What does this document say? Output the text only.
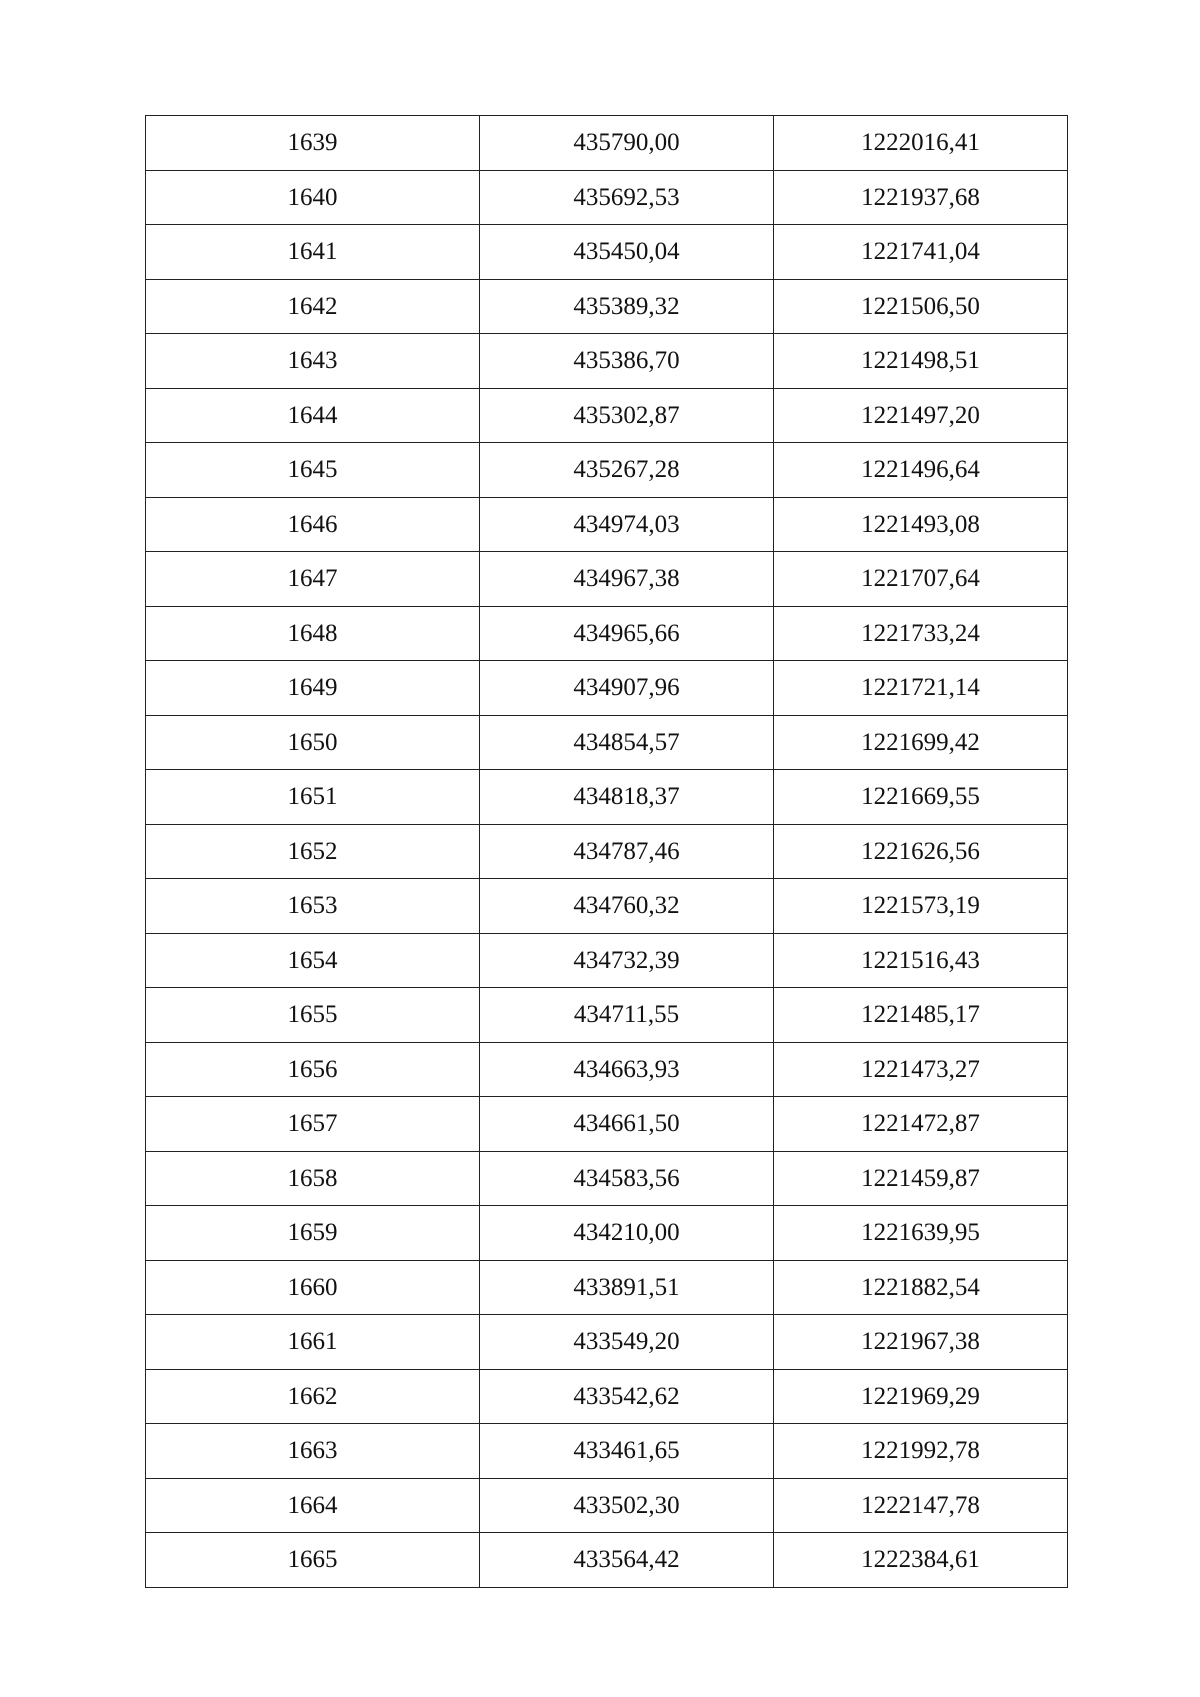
1639	435790,00	1222016,41
1640	435692,53	1221937,68
1641	435450,04	1221741,04
1642	435389,32	1221506,50
1643	435386,70	1221498,51
1644	435302,87	1221497,20
1645	435267,28	1221496,64
1646	434974,03	1221493,08
1647	434967,38	1221707,64
1648	434965,66	1221733,24
1649	434907,96	1221721,14
1650	434854,57	1221699,42
1651	434818,37	1221669,55
1652	434787,46	1221626,56
1653	434760,32	1221573,19
1654	434732,39	1221516,43
1655	434711,55	1221485,17
1656	434663,93	1221473,27
1657	434661,50	1221472,87
1658	434583,56	1221459,87
1659	434210,00	1221639,95
1660	433891,51	1221882,54
1661	433549,20	1221967,38
1662	433542,62	1221969,29
1663	433461,65	1221992,78
1664	433502,30	1222147,78
1665	433564,42	1222384,61
